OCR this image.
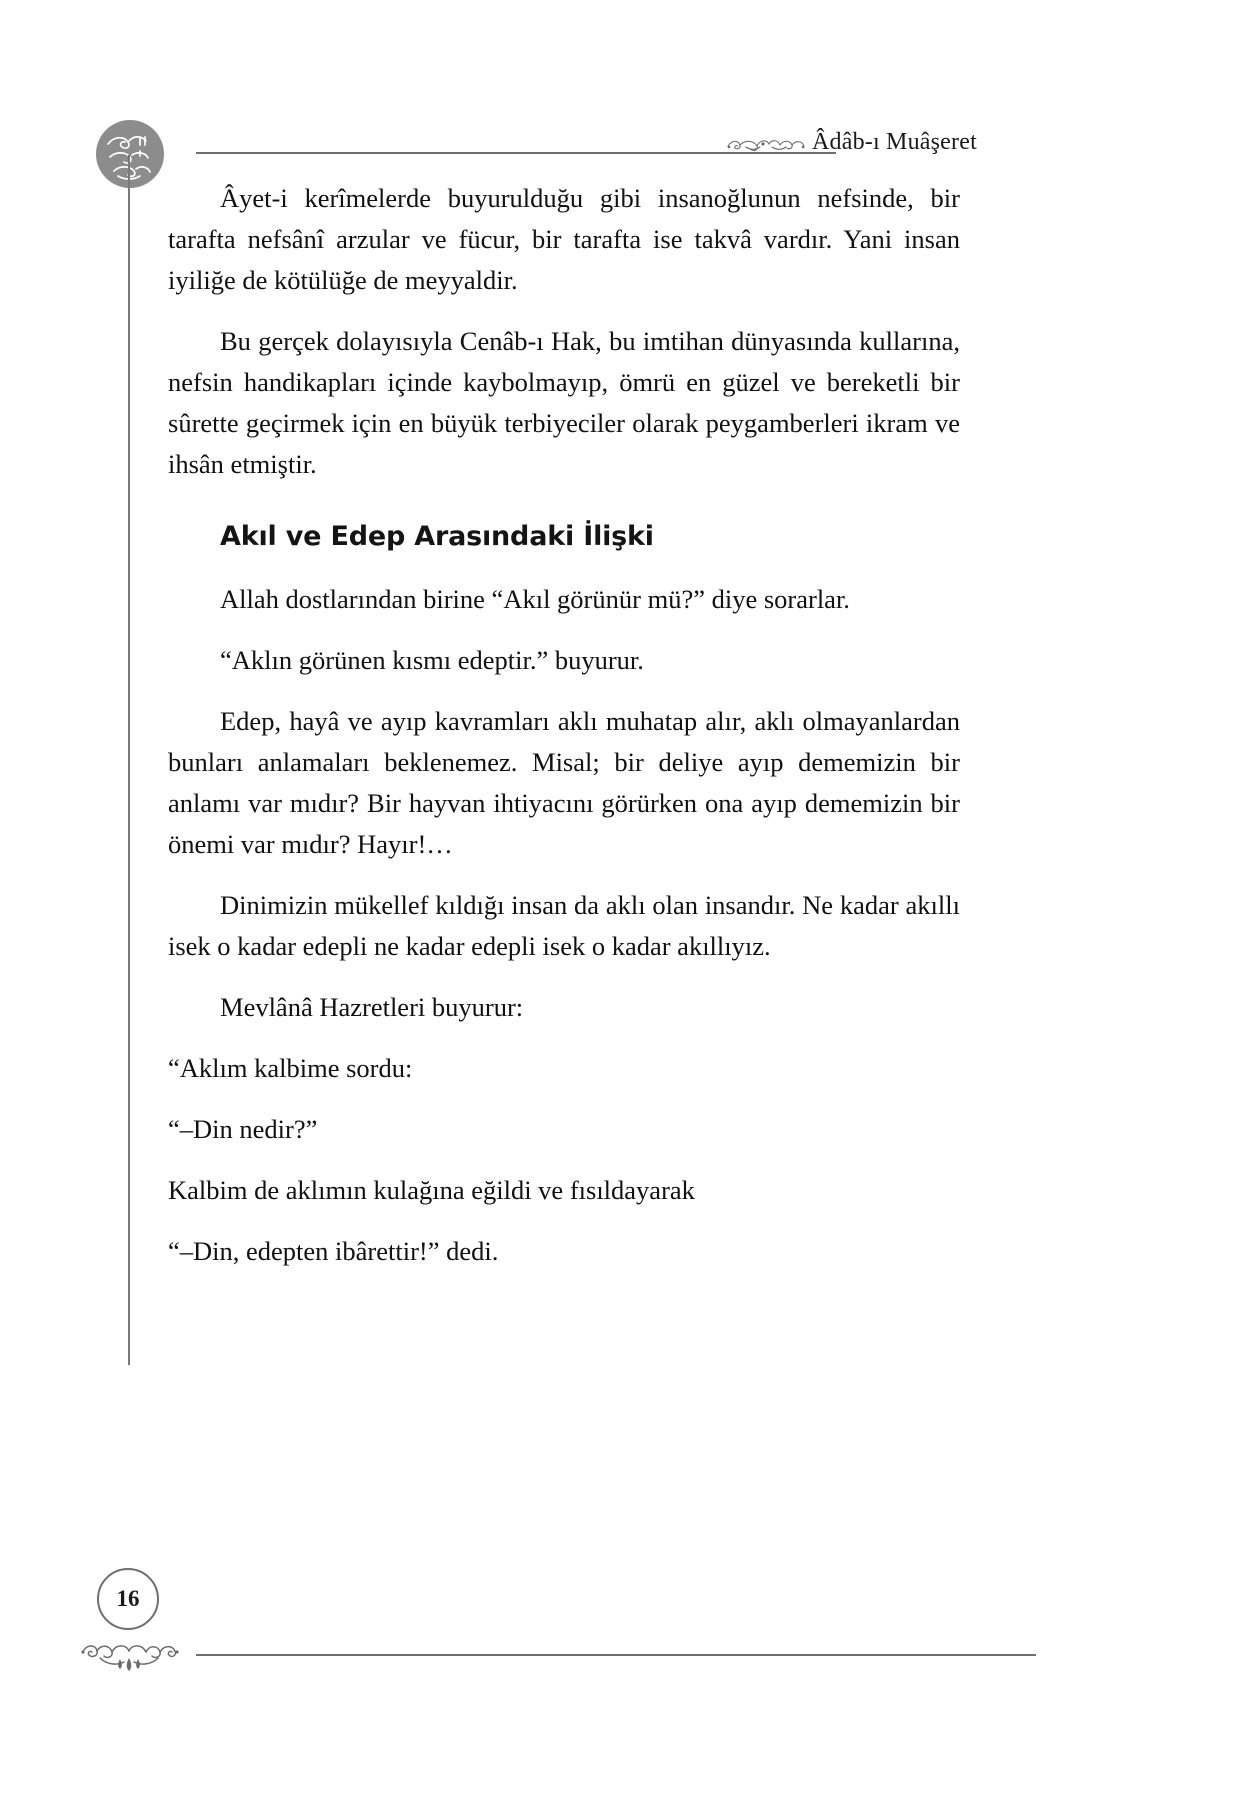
Âdâb-ı Muâşeret

Âyet-i kerîmelerde buyurulduğu gibi insanoğlunun nefsinde, bir tarafta nefsânî arzular ve fücur, bir tarafta ise takvâ vardır. Yani insan iyiliğe de kötülüğe de meyyaldir.

Bu gerçek dolayısıyla Cenâb-ı Hak, bu imtihan dünyasında kullarına, nefsin handikapları içinde kaybolmayıp, ömrü en güzel ve bereketli bir sûrette geçirmek için en büyük terbiyeciler olarak peygamberleri ikram ve ihsân etmiştir.

Akıl ve Edep Arasındaki İlişki

Allah dostlarından birine “Akıl görünür mü?” diye sorarlar.

“Aklın görünen kısmı edeptir.” buyurur.

Edep, hayâ ve ayıp kavramları aklı muhatap alır, aklı olmayanlardan bunları anlamaları beklenemez. Misal; bir deliye ayıp dememizin bir anlamı var mıdır? Bir hayvan ihtiyacını görürken ona ayıp dememizin bir önemi var mıdır? Hayır!…

Dinimizin mükellef kıldığı insan da aklı olan insandır. Ne kadar akıllı isek o kadar edepli ne kadar edepli isek o kadar akıllıyız.

Mevlânâ Hazretleri buyurur:

“Aklım kalbime sordu:

“–Din nedir?”

Kalbim de aklımın kulağına eğildi ve fısıldayarak

“–Din, edepten ibârettir!” dedi.

16
